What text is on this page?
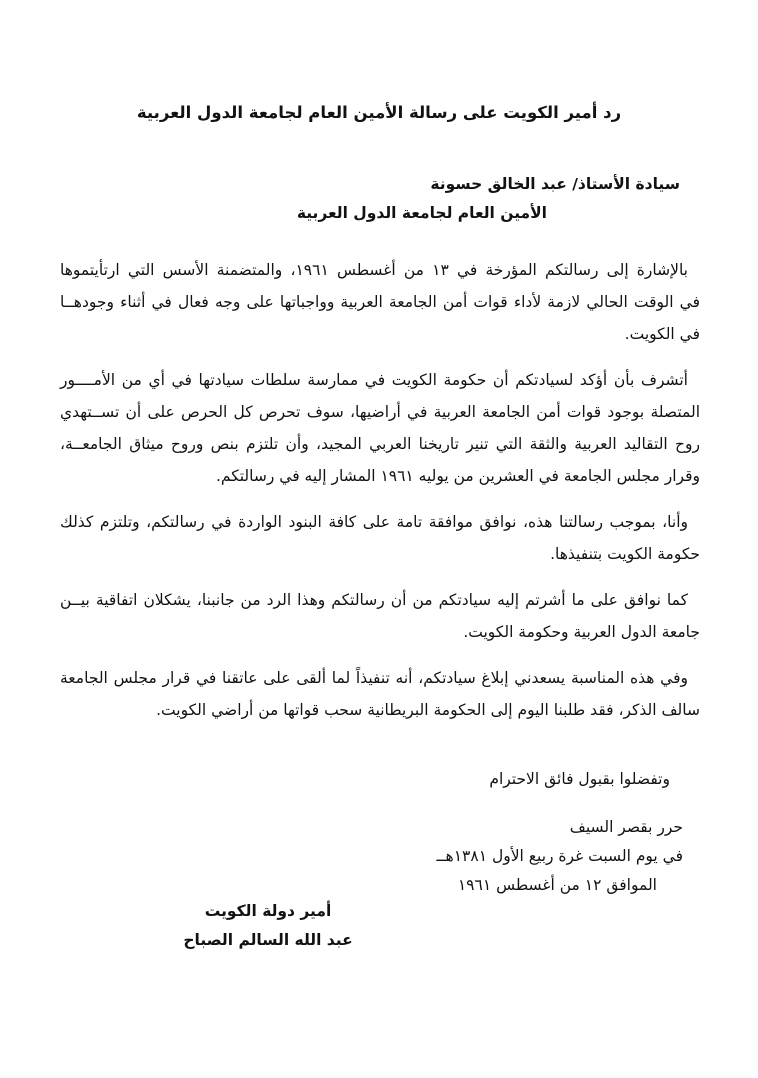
رد أمير الكويت على رسالة الأمين العام لجامعة الدول العربية
سيادة الأستاذ/ عبد الخالق حسونة
الأمين العام لجامعة الدول العربية

بالإشارة إلى رسالتكم المؤرخة في ١٣ من أغسطس ١٩٦١، والمتضمنة الأسس التي ارتأيتموها
في الوقت الحالي لازمة لأداء قوات أمن الجامعة العربية وواجباتها على وجه فعال في أثناء وجودهــا
في الكويت.

أتشرف بأن أؤكد لسيادتكم أن حكومة الكويت في ممارسة سلطات سيادتها في أي من الأمــــور
المتصلة بوجود قوات أمن الجامعة العربية في أراضيها، سوف تحرص كل الحرص على أن تســتهدي
روح التقاليد العربية والثقة التي تنير تاريخنا العربي المجيد، وأن تلتزم بنص وروح ميثاق الجامعــة،
وقرار مجلس الجامعة في العشرين من يوليه ١٩٦١ المشار إليه في رسالتكم.

وأنا، بموجب رسالتنا هذه، نوافق موافقة تامة على كافة البنود الواردة في رسالتكم، وتلتزم كذلك
حكومة الكويت بتنفيذها.

كما نوافق على ما أشرتم إليه سيادتكم من أن رسالتكم وهذا الرد من جانبنا، يشكلان اتفاقية بيــن
جامعة الدول العربية وحكومة الكويت.

وفي هذه المناسبة يسعدني إبلاغ سيادتكم، أنه تنفيذاً لما ألقى على عاتقنا في قرار مجلس الجامعة
سالف الذكر، فقد طلبنا اليوم إلى الحكومة البريطانية سحب قواتها من أراضي الكويت.

وتفضلوا بقبول فائق الاحترام
حرر بقصر السيف
في يوم السبت غرة ربيع الأول ١٣٨١هــ
الموافق ١٢ من أغسطس ١٩٦١
أمير دولة الكويت
عبد الله السالم الصباح
